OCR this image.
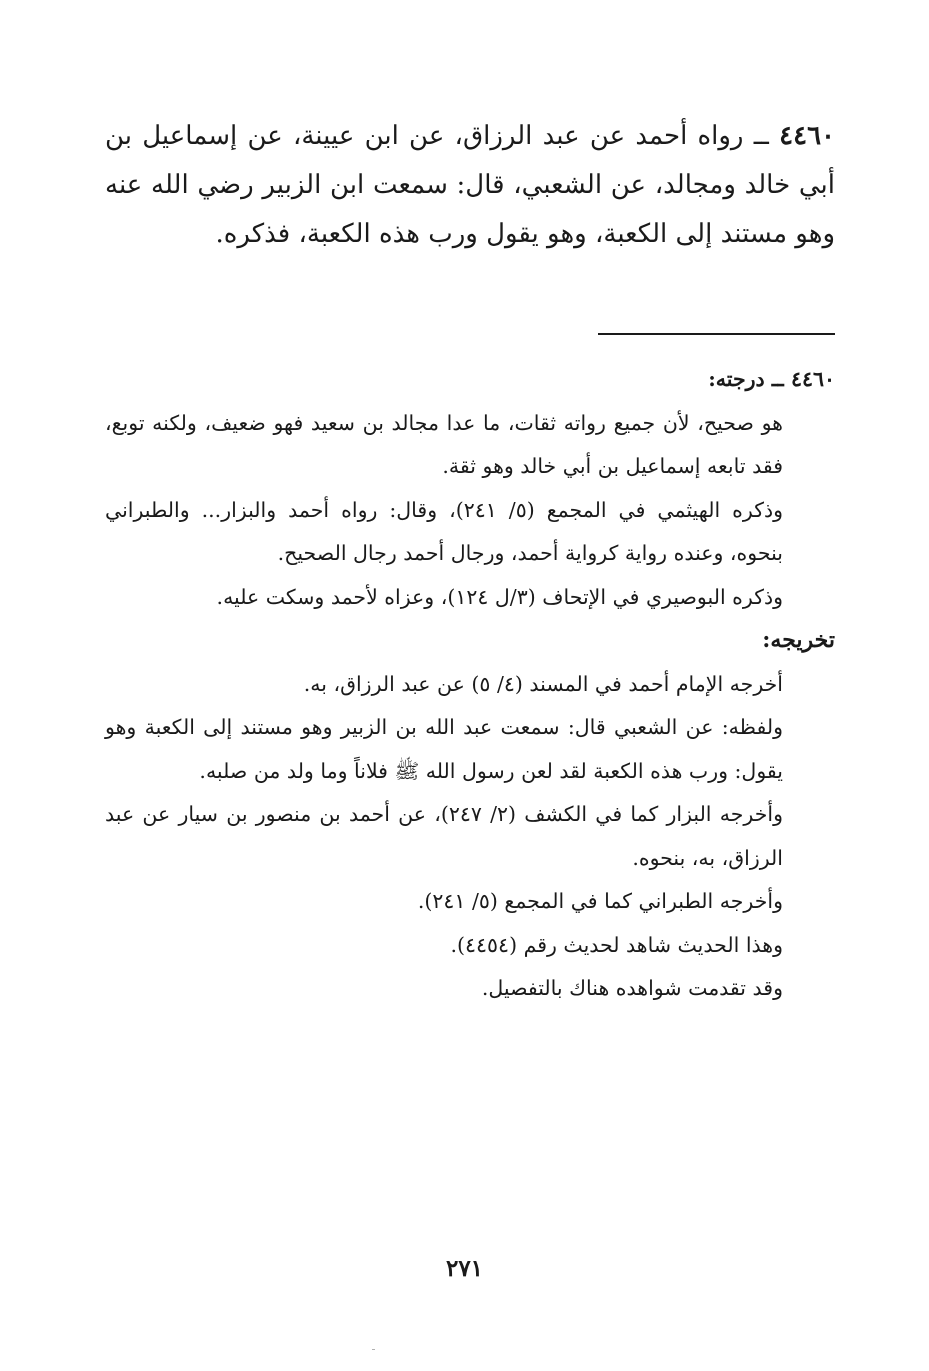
٤٤٦٠ ــ رواه أحمد عن عبد الرزاق، عن ابن عيينة، عن إسماعيل بن أبي خالد ومجالد، عن الشعبي، قال: سمعت ابن الزبير رضي الله عنه وهو مستند إلى الكعبة، وهو يقول ورب هذه الكعبة، فذكره.

٤٤٦٠ ــ درجته:

هو صحيح، لأن جميع رواته ثقات، ما عدا مجالد بن سعيد فهو ضعيف، ولكنه توبع، فقد تابعه إسماعيل بن أبي خالد وهو ثقة.

وذكره الهيثمي في المجمع (٥/ ٢٤١)، وقال: رواه أحمد والبزار... والطبراني بنحوه، وعنده رواية كرواية أحمد، ورجال أحمد رجال الصحيح.

وذكره البوصيري في الإتحاف (٣/ل ١٢٤)، وعزاه لأحمد وسكت عليه.

تخريجه:

أخرجه الإمام أحمد في المسند (٤/ ٥) عن عبد الرزاق، به.

ولفظه: عن الشعبي قال: سمعت عبد الله بن الزبير وهو مستند إلى الكعبة وهو يقول: ورب هذه الكعبة لقد لعن رسول الله ﷺ فلاناً وما ولد من صلبه.

وأخرجه البزار كما في الكشف (٢/ ٢٤٧)، عن أحمد بن منصور بن سيار عن عبد الرزاق، به، بنحوه.

وأخرجه الطبراني كما في المجمع (٥/ ٢٤١).

وهذا الحديث شاهد لحديث رقم (٤٤٥٤).

وقد تقدمت شواهده هناك بالتفصيل.

٢٧١
